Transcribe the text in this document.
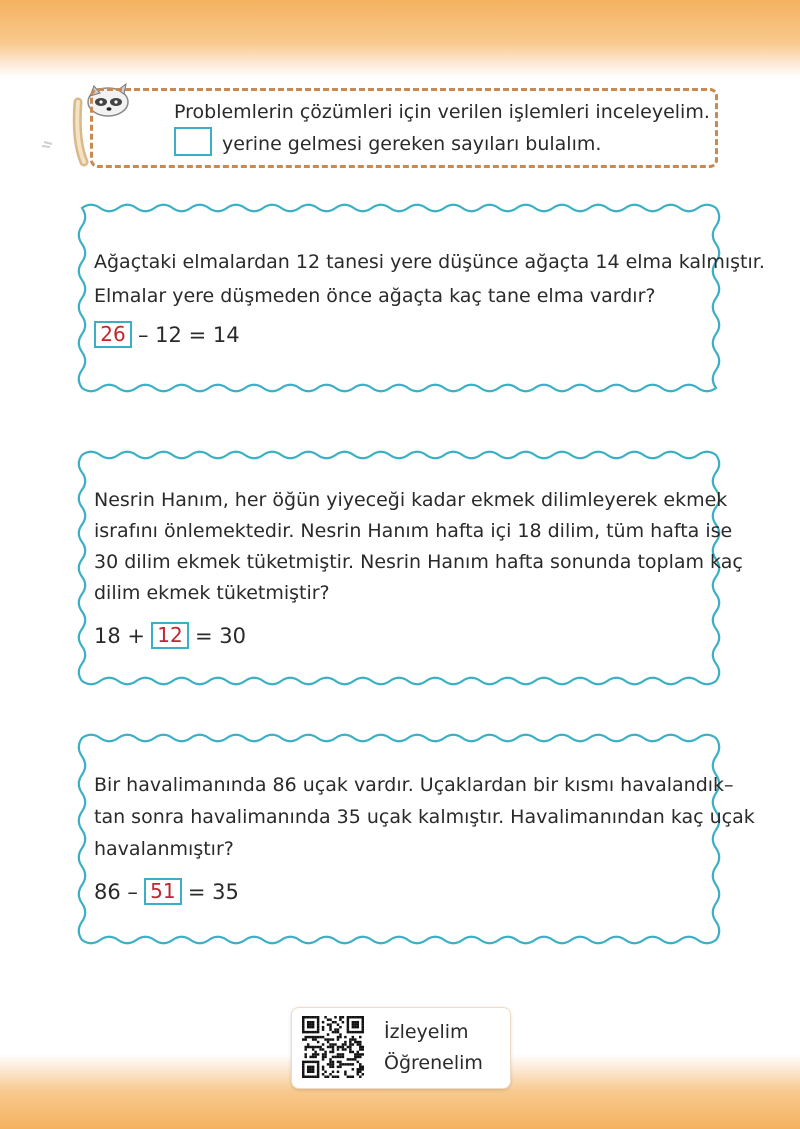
Problemlerin çözümleri için verilen işlemleri inceleyelim.
yerine gelmesi gereken sayıları bulalım.
Ağaçtaki elmalardan 12 tanesi yere düşünce ağaçta 14 elma kalmıştır.
Elmalar yere düşmeden önce ağaçta kaç tane elma vardır?
26 – 12 = 14
Nesrin Hanım, her öğün yiyeceği kadar ekmek dilimleyerek ekmek
israfını önlemektedir. Nesrin Hanım hafta içi 18 dilim, tüm hafta ise
30 dilim ekmek tüketmiştir. Nesrin Hanım hafta sonunda toplam kaç
dilim ekmek tüketmiştir?
18 + 12 = 30
Bir havalimanında 86 uçak vardır. Uçaklardan bir kısmı havalandık–
tan sonra havalimanında 35 uçak kalmıştır. Havalimanından kaç uçak
havalanmıştır?
86 – 51 = 35
İzleyelim
Öğrenelim
